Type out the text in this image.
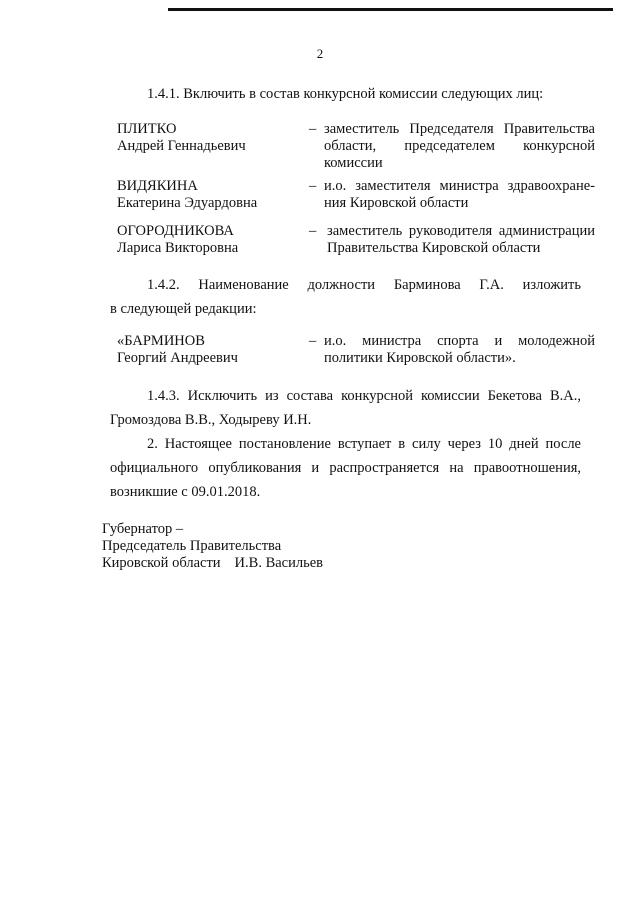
2

1.4.1. Включить в состав конкурсной комиссии следующих лиц:

ПЛИТКО
Андрей Геннадьевич
– заместитель Председателя Правительства
области, председателем конкурсной
комиссии
ВИДЯКИНА
Екатерина Эдуардовна
– и.о. заместителя министра здравоохране-
ния Кировской области
ОГОРОДНИКОВА
Лариса Викторовна
– заместитель руководителя администрации
Правительства Кировской области

1.4.2. Наименование должности Барминова Г.А. изложить

в следующей редакции:

«БАРМИНОВ
Георгий Андреевич
– и.о. министра спорта и молодежной
политики Кировской области».

1.4.3. Исключить из состава конкурсной комиссии Бекетова В.А.,

Громоздова В.В., Ходыреву И.Н.

2. Настоящее постановление вступает в силу через 10 дней после

официального опубликования и распространяется на правоотношения,

возникшие с 09.01.2018.

Губернатор –
Председатель Правительства
Кировской области И.В. Васильев
